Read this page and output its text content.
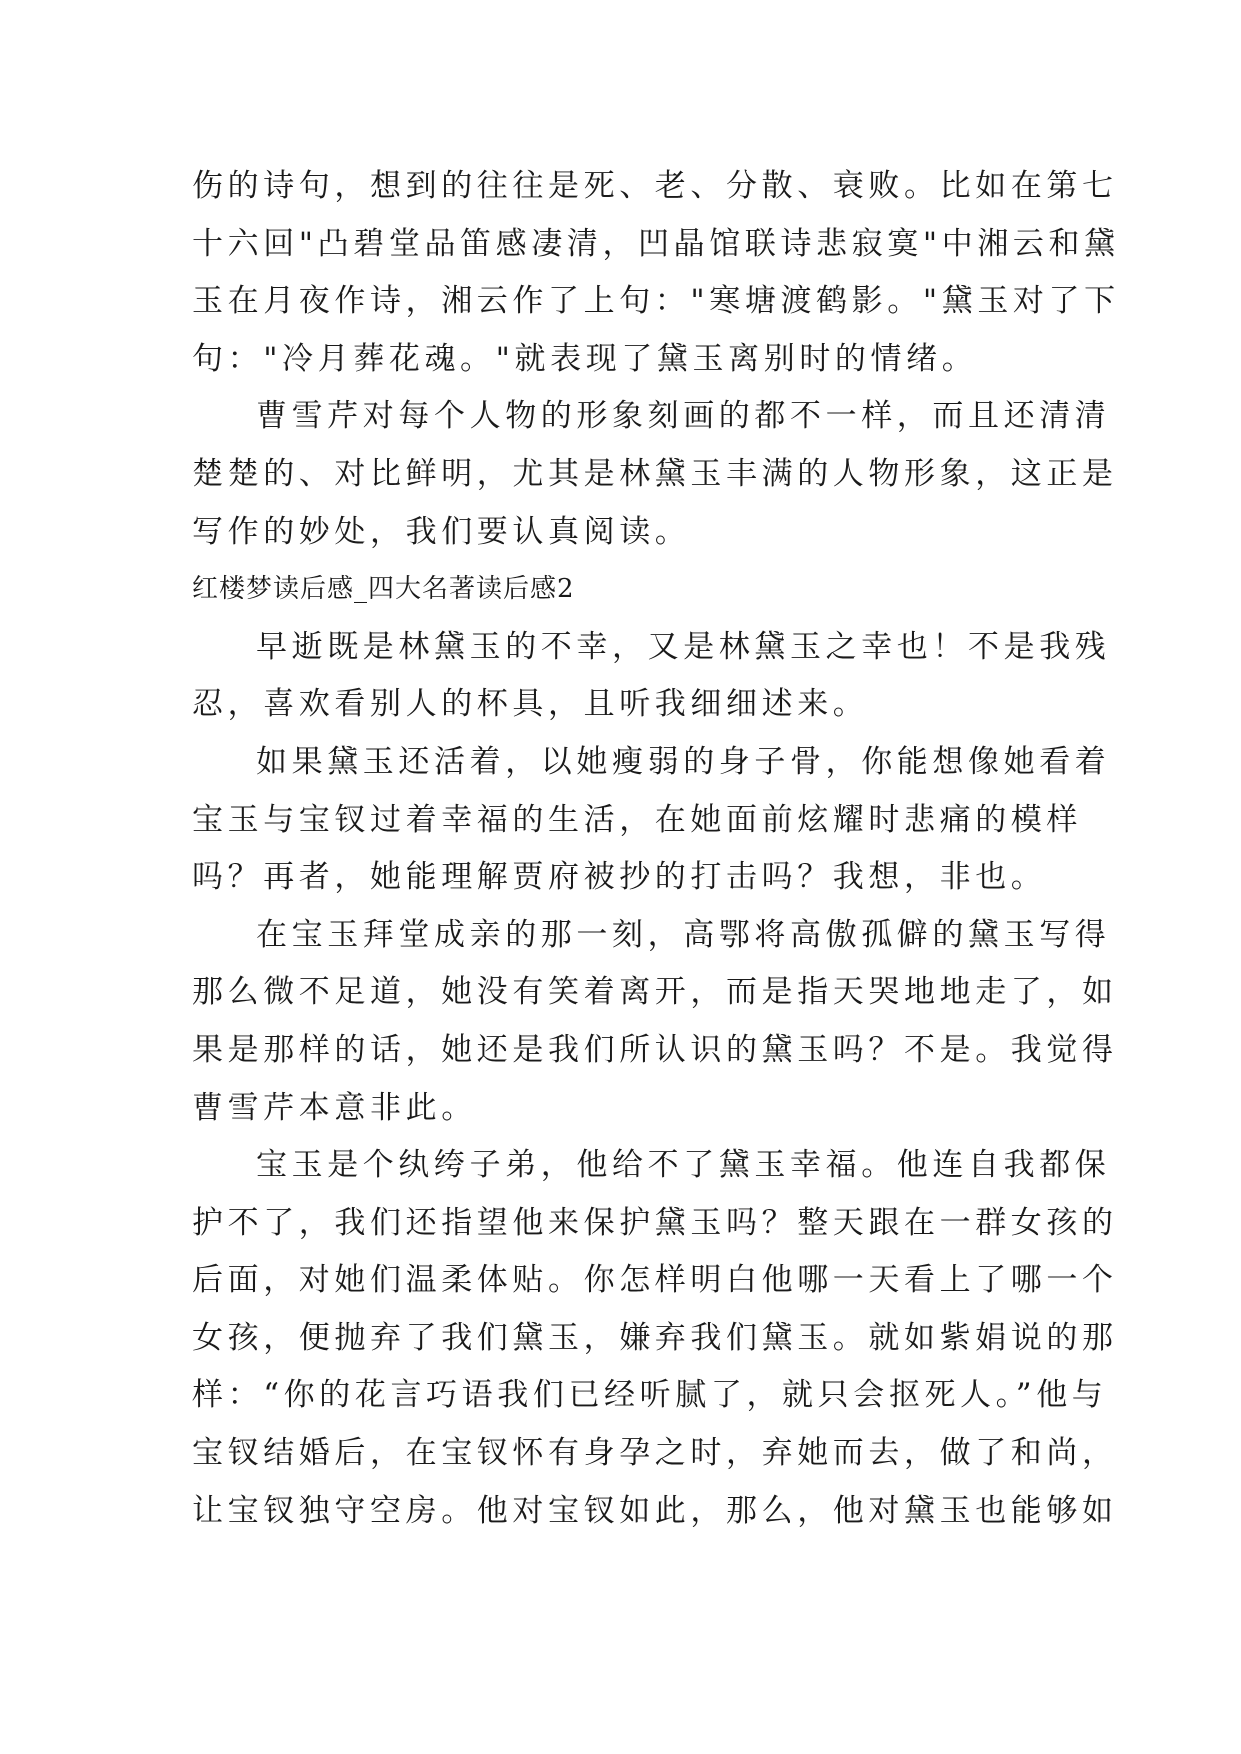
伤的诗句，想到的往往是死、老、分散、衰败。比如在第七
十六回"凸碧堂品笛感凄清，凹晶馆联诗悲寂寞"中湘云和黛
玉在月夜作诗，湘云作了上句："寒塘渡鹤影。"黛玉对了下
句："冷月葬花魂。"就表现了黛玉离别时的情绪。
曹雪芹对每个人物的形象刻画的都不一样，而且还清清
楚楚的、对比鲜明，尤其是林黛玉丰满的人物形象，这正是
写作的妙处，我们要认真阅读。
红楼梦读后感_四大名著读后感2
早逝既是林黛玉的不幸，又是林黛玉之幸也！不是我残
忍，喜欢看别人的杯具，且听我细细述来。
如果黛玉还活着，以她瘦弱的身子骨，你能想像她看着
宝玉与宝钗过着幸福的生活，在她面前炫耀时悲痛的模样
吗？再者，她能理解贾府被抄的打击吗？我想，非也。
在宝玉拜堂成亲的那一刻，高鄂将高傲孤僻的黛玉写得
那么微不足道，她没有笑着离开，而是指天哭地地走了，如
果是那样的话，她还是我们所认识的黛玉吗？不是。我觉得
曹雪芹本意非此。
宝玉是个纨绔子弟，他给不了黛玉幸福。他连自我都保
护不了，我们还指望他来保护黛玉吗？整天跟在一群女孩的
后面，对她们温柔体贴。你怎样明白他哪一天看上了哪一个
女孩，便抛弃了我们黛玉，嫌弃我们黛玉。就如紫娟说的那
样：“你的花言巧语我们已经听腻了，就只会抠死人。”他与
宝钗结婚后，在宝钗怀有身孕之时，弃她而去，做了和尚，
让宝钗独守空房。他对宝钗如此，那么，他对黛玉也能够如
